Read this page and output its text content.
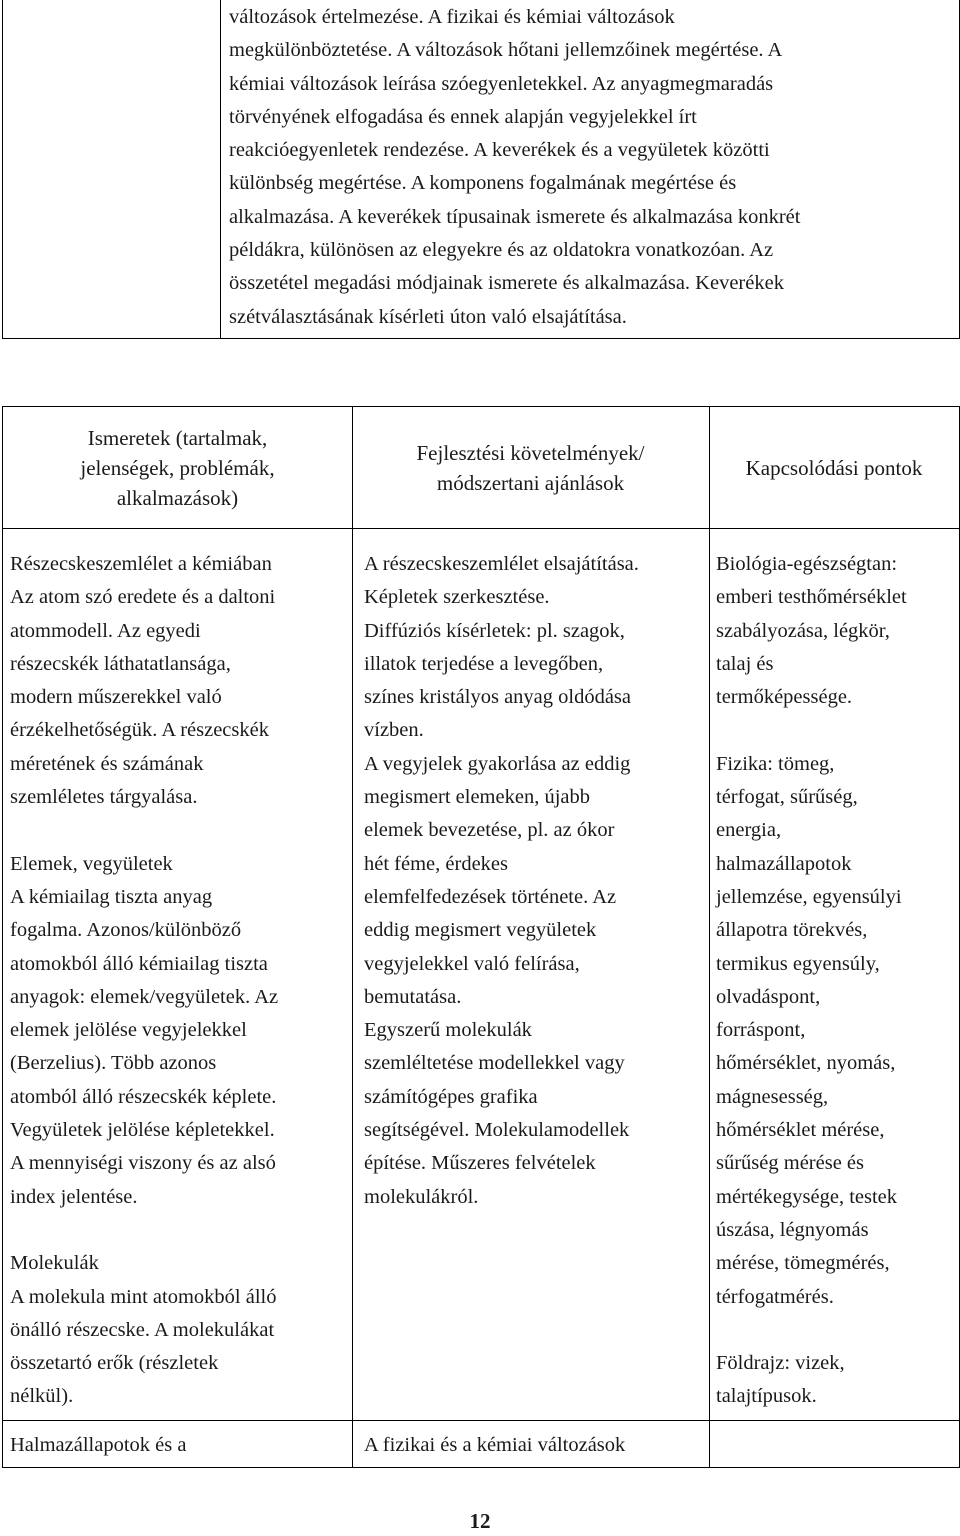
változások értelmezése. A fizikai és kémiai változások

megkülönböztetése. A változások hőtani jellemzőinek megértése. A

kémiai változások leírása szóegyenletekkel. Az anyagmegmaradás

törvényének elfogadása és ennek alapján vegyjelekkel írt

reakcióegyenletek rendezése. A keverékek és a vegyületek közötti

különbség megértése. A komponens fogalmának megértése és

alkalmazása. A keverékek típusainak ismerete és alkalmazása konkrét

példákra, különösen az elegyekre és az oldatokra vonatkozóan. Az

összetétel megadási módjainak ismerete és alkalmazása. Keverékek

szétválasztásának kísérleti úton való elsajátítása.

Ismeretek (tartalmak,
jelenségek, problémák,
alkalmazások)
Fejlesztési követelmények/
módszertani ajánlások
Kapcsolódási pontok

Részecskeszemlélet a kémiában

Az atom szó eredete és a daltoni

atommodell. Az egyedi

részecskék láthatatlansága,

modern műszerekkel való

érzékelhetőségük. A részecskék

méretének és számának

szemléletes tárgyalása.

Elemek, vegyületek

A kémiailag tiszta anyag

fogalma. Azonos/különböző

atomokból álló kémiailag tiszta

anyagok: elemek/vegyületek. Az

elemek jelölése vegyjelekkel

(Berzelius). Több azonos

atomból álló részecskék képlete.

Vegyületek jelölése képletekkel.

A mennyiségi viszony és az alsó

index jelentése.

Molekulák

A molekula mint atomokból álló

önálló részecske. A molekulákat

összetartó erők (részletek

nélkül).

A részecskeszemlélet elsajátítása.

Képletek szerkesztése.

Diffúziós kísérletek: pl. szagok,

illatok terjedése a levegőben,

színes kristályos anyag oldódása

vízben.

A vegyjelek gyakorlása az eddig

megismert elemeken, újabb

elemek bevezetése, pl. az ókor

hét féme, érdekes

elemfelfedezések története. Az

eddig megismert vegyületek

vegyjelekkel való felírása,

bemutatása.

Egyszerű molekulák

szemléltetése modellekkel vagy

számítógépes grafika

segítségével. Molekulamodellek

építése. Műszeres felvételek

molekulákról.

Biológia-egészségtan:

emberi testhőmérséklet

szabályozása, légkör,

talaj és

termőképessége.

Fizika: tömeg,

térfogat, sűrűség,

energia,

halmazállapotok

jellemzése, egyensúlyi

állapotra törekvés,

termikus egyensúly,

olvadáspont,

forráspont,

hőmérséklet, nyomás,

mágnesesség,

hőmérséklet mérése,

sűrűség mérése és

mértékegysége, testek

úszása, légnyomás

mérése, tömegmérés,

térfogatmérés.

Földrajz: vizek,

talajtípusok.

Halmazállapotok és a	A fizikai és a kémiai változások

12
